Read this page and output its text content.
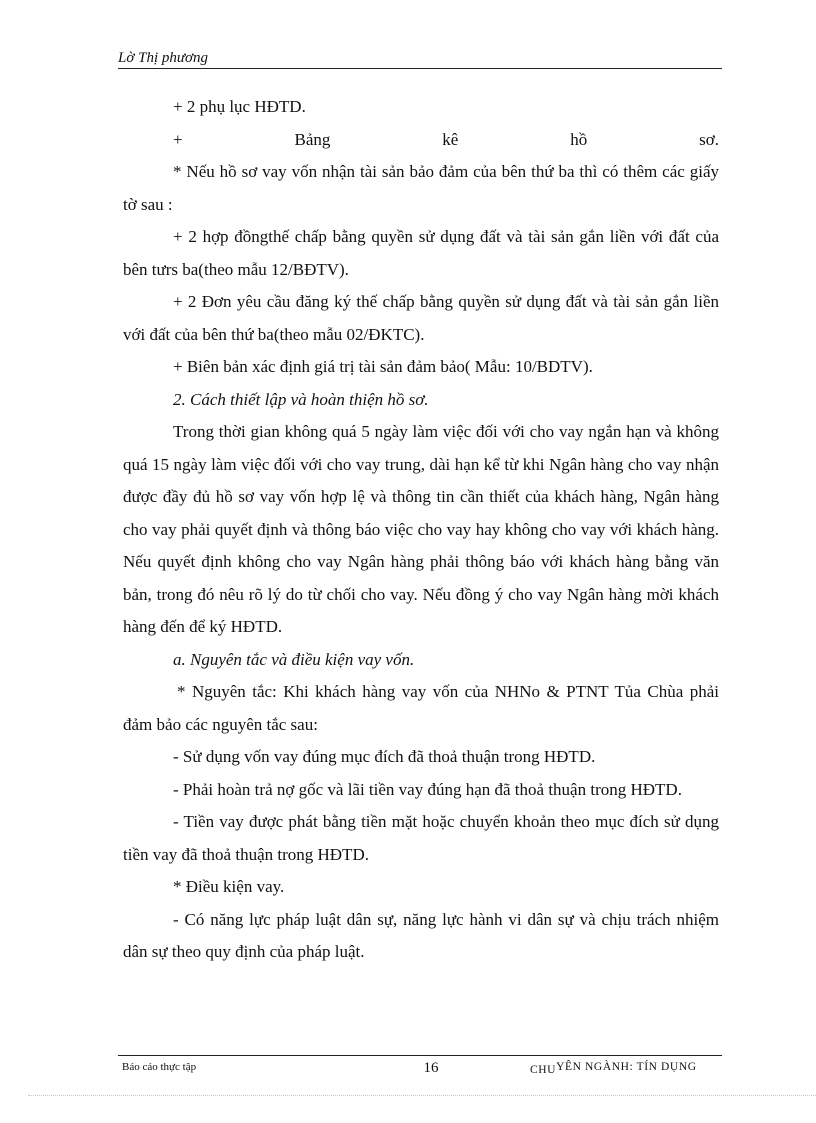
Lờ Thị phương

+ 2 phụ lục HĐTD.

+	Bảng	kê	hồ	sơ.

* Nếu hồ sơ vay vốn nhận tài sản bảo đảm của bên thứ ba thì có thêm các giấy tờ sau :

+ 2 hợp đồngthế chấp bằng quyền sử dụng đất và tài sản gắn liền với đất của bên tưrs ba(theo mẫu 12/BĐTV).

+ 2 Đơn yêu cầu đăng ký thế chấp bằng quyền sử dụng đất và tài sản gắn liền với đất của bên thứ ba(theo mẫu 02/ĐKTC).

+ Biên bản xác định giá trị tài sản đảm bảo( Mẫu: 10/BDTV).

2. Cách thiết lập và hoàn thiện hồ sơ.

Trong thời gian không quá 5 ngày làm việc đối với cho vay ngắn hạn và không quá 15 ngày làm việc đối với cho vay trung, dài hạn kể từ khi Ngân hàng cho vay nhận được đầy đủ hồ sơ vay vốn hợp lệ và thông tin cần thiết của khách hàng, Ngân hàng cho vay phải quyết định và thông báo việc cho vay hay không cho vay với khách hàng. Nếu quyết định không cho vay Ngân hàng phải thông báo với khách hàng bằng văn bản, trong đó nêu rõ lý do từ chối cho vay. Nếu đồng ý cho vay Ngân hàng mời khách hàng đến để ký HĐTD.

a. Nguyên tắc và điều kiện vay vốn.

* Nguyên tắc: Khi khách hàng vay vốn của NHNo & PTNT Tủa Chùa phải đảm bảo các nguyên tắc sau:

- Sử dụng vốn vay đúng mục đích đã thoả thuận trong HĐTD.

- Phải hoàn trả nợ gốc và lãi tiền vay đúng hạn đã thoả thuận trong HĐTD.

- Tiền vay được phát bằng tiền mặt hoặc chuyển khoản theo mục đích sử dụng tiền vay đã thoả thuận trong HĐTD.

* Điều kiện vay.

- Có năng lực pháp luật dân sự, năng lực hành vi dân sự và chịu trách nhiệm dân sự theo quy định của pháp luật.

Báo cáo thực tập	16	CHUYÊN NGÀNH: TÍN DỤNG
